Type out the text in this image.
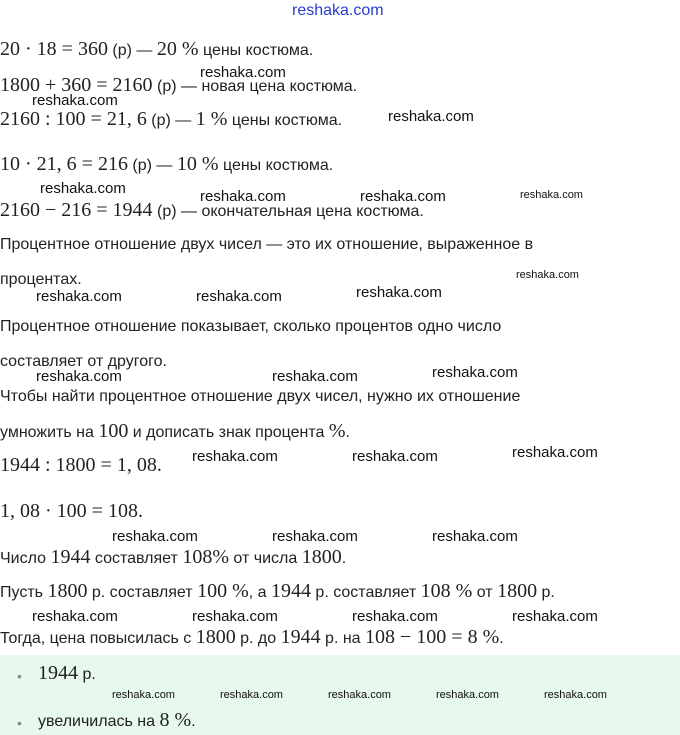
reshaka.com
20 · 18 = 360 (р) — 20 % цены костюма.
1800 + 360 = 2160 (р) — новая цена костюма.
2160 : 100 = 21, 6 (р) — 1 % цены костюма.
10 · 21, 6 = 216 (р) — 10 % цены костюма.
2160 − 216 = 1944 (р) — окончательная цена костюма.
Процентное отношение двух чисел — это их отношение, выраженное в
процентах.
Процентное отношение показывает, сколько процентов одно число
составляет от другого.
Чтобы найти процентное отношение двух чисел, нужно их отношение
умножить на 100 и дописать знак процента %.
1944 : 1800 = 1, 08.
1, 08 · 100 = 108.
Число 1944 составляет 108% от числа 1800.
Пусть 1800 р. составляет 100 %, а 1944 р. составляет 108 % от 1800 р.
Тогда, цена повысилась с 1800 р. до 1944 р. на 108 − 100 = 8 %.
• 1944 р.
• увеличилась на 8 %.
reshaka.com
reshaka.com
reshaka.com
reshaka.com	reshaka.com	reshaka.com	reshaka.com
reshaka.com
reshaka.com
reshaka.com	reshaka.com
reshaka.com	reshaka.com	reshaka.com
reshaka.com	reshaka.com	reshaka.com
reshaka.com	reshaka.com	reshaka.com
reshaka.com	reshaka.com	reshaka.com	reshaka.com
reshaka.com	reshaka.com	reshaka.com	reshaka.com	reshaka.com
